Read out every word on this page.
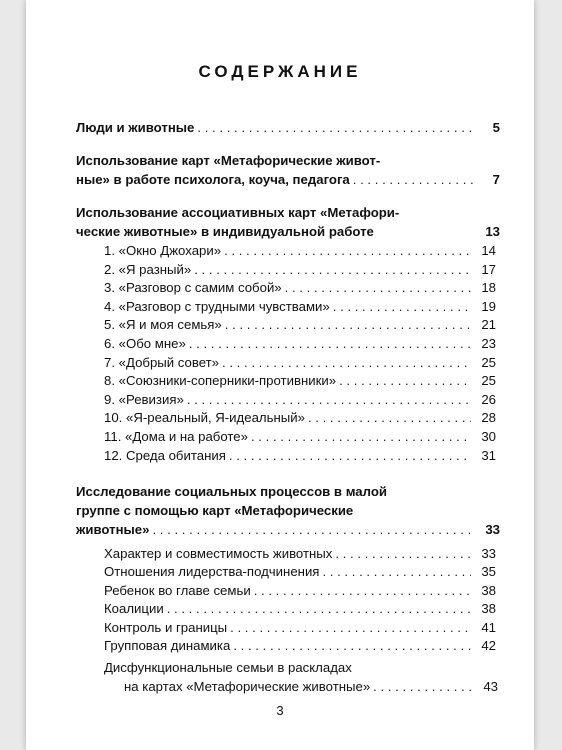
СОДЕРЖАНИЕ
Люди и животные . . .	5
Использование карт «Метафорические живот-
ные» в работе психолога, коуча, педагога . . .	7
Использование ассоциативных карт «Метафори-
ческие животные» в индивидуальной работе	13
1. «Окно Джохари» . . .	14
2. «Я разный» . . .	17
3. «Разговор с самим собой» . . .	18
4. «Разговор с трудными чувствами» . . .	19
5. «Я и моя семья» . . .	21
6. «Обо мне» . . .	23
7. «Добрый совет» . . .	25
8. «Союзники-соперники-противники» . . .	25
9. «Ревизия» . . .	26
10. «Я-реальный, Я-идеальный» . . .	28
11. «Дома и на работе» . . .	30
12. Среда обитания . . .	31
Исследование социальных процессов в малой
группе с помощью карт «Метафорические
животные» . . .	33
Характер и совместимость животных . . .	33
Отношения лидерства-подчинения . . .	35
Ребенок во главе семьи . . .	38
Коалиции . . .	38
Контроль и границы . . .	41
Групповая динамика . . .	42
Дисфункциональные семьи в раскладах
на картах «Метафорические животные» . . .	43
3
